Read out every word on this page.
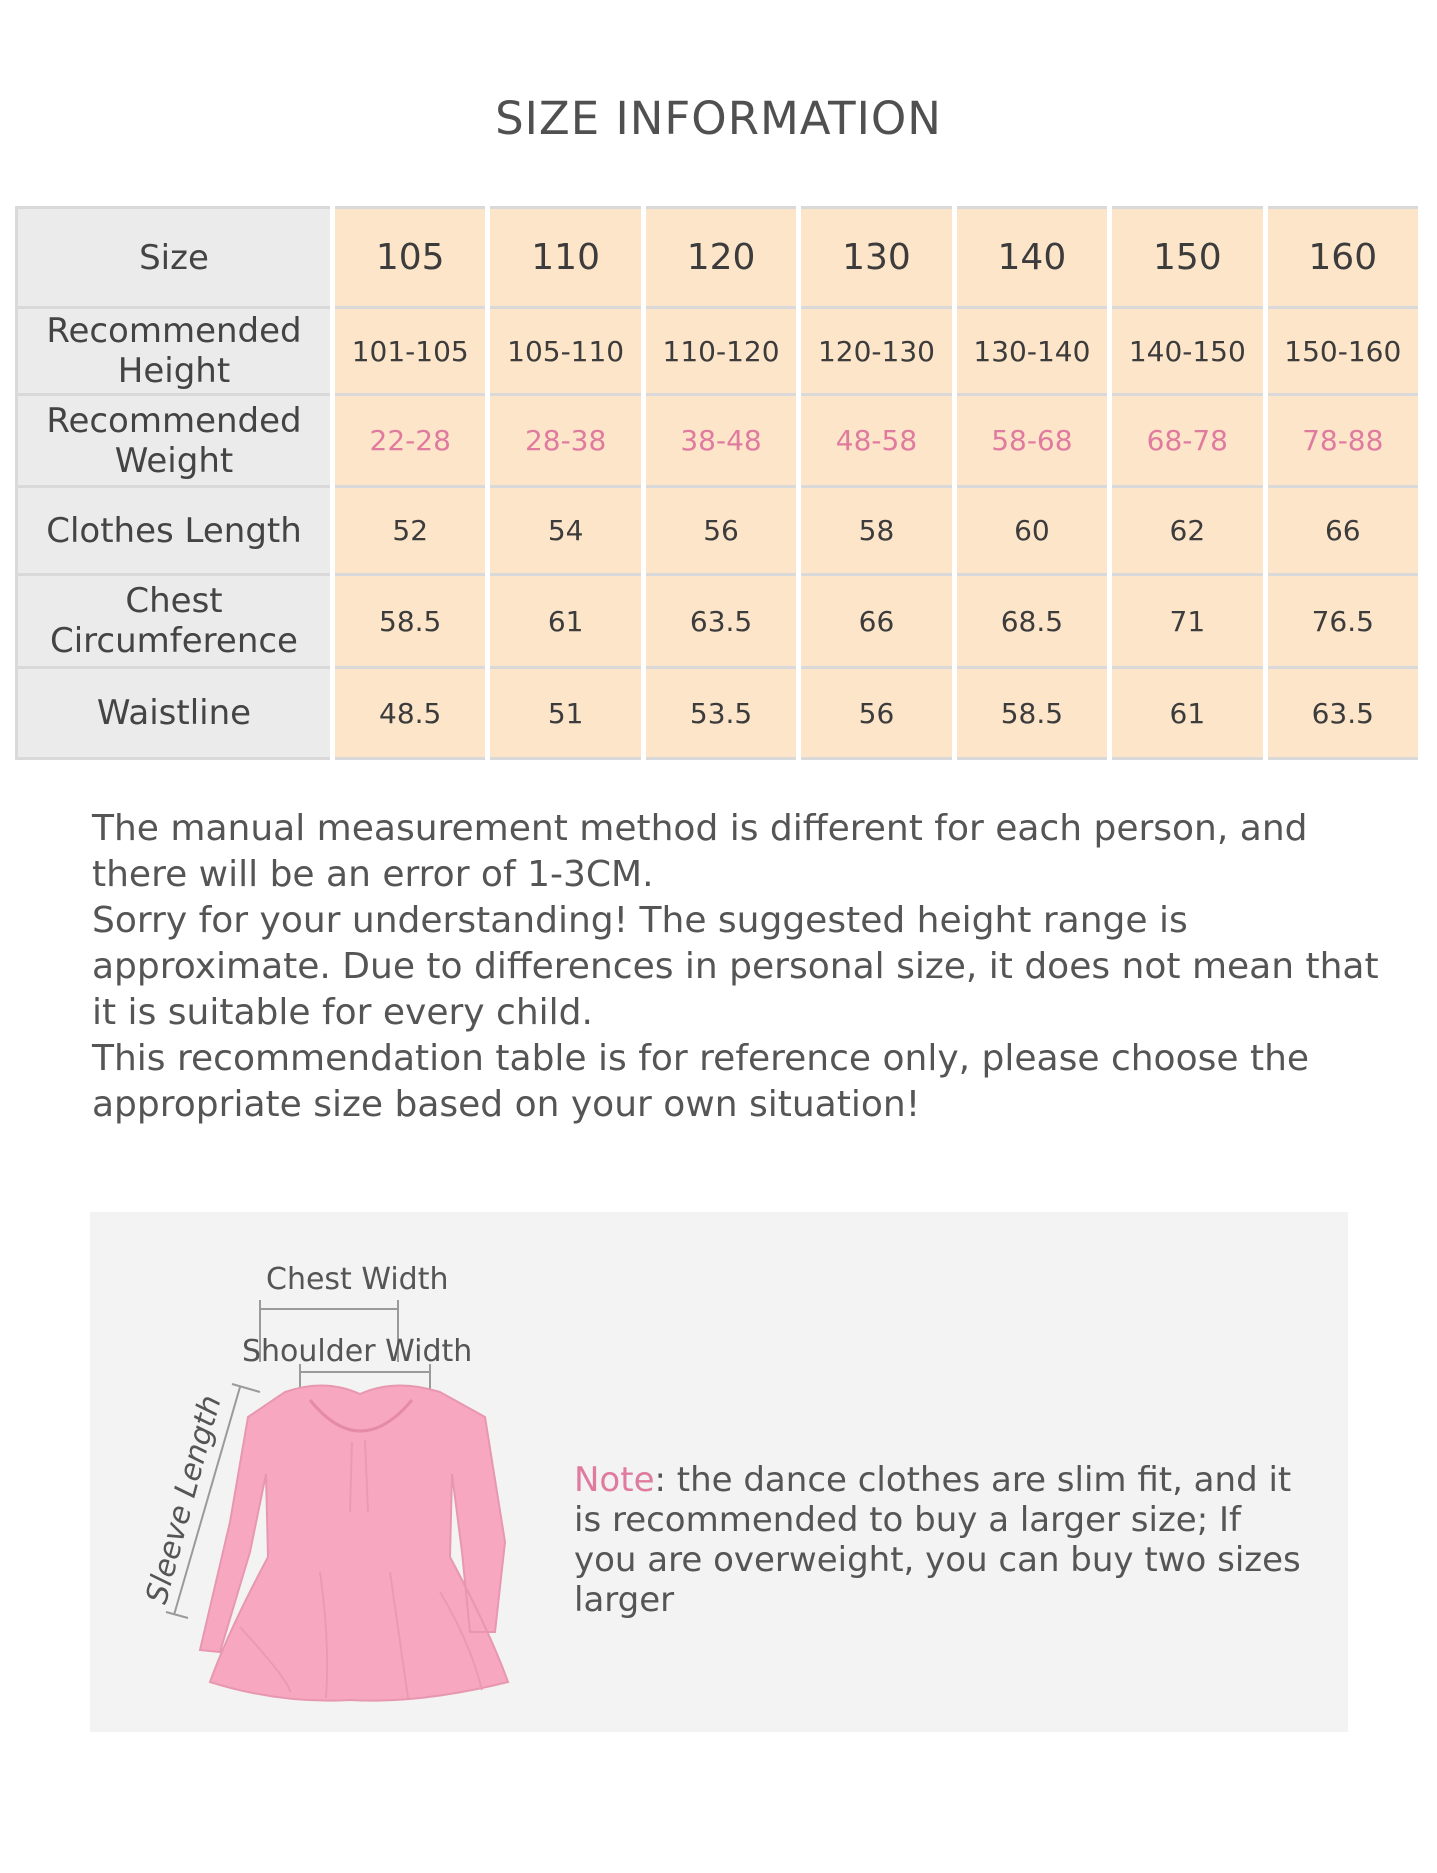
SIZE INFORMATION
Size	105	110	120	130	140	150	160
Recommended Height	101-105	105-110	110-120	120-130	130-140	140-150	150-160
Recommended Weight	22-28	28-38	38-48	48-58	58-68	68-78	78-88
Clothes Length	52	54	56	58	60	62	66
Chest Circumference	58.5	61	63.5	66	68.5	71	76.5
Waistline	48.5	51	53.5	56	58.5	61	63.5

The manual measurement method is different for each person, and there will be an error of 1-3CM.

Sorry for your understanding! The suggested height range is approximate. Due to differences in personal size, it does not mean that it is suitable for every child.

This recommendation table is for reference only, please choose the appropriate size based on your own situation!

Chest Width
Shoulder Width
Sleeve Length	Note: the dance clothes are slim fit, and it is recommended to buy a larger size; If you are overweight, you can buy two sizes larger
